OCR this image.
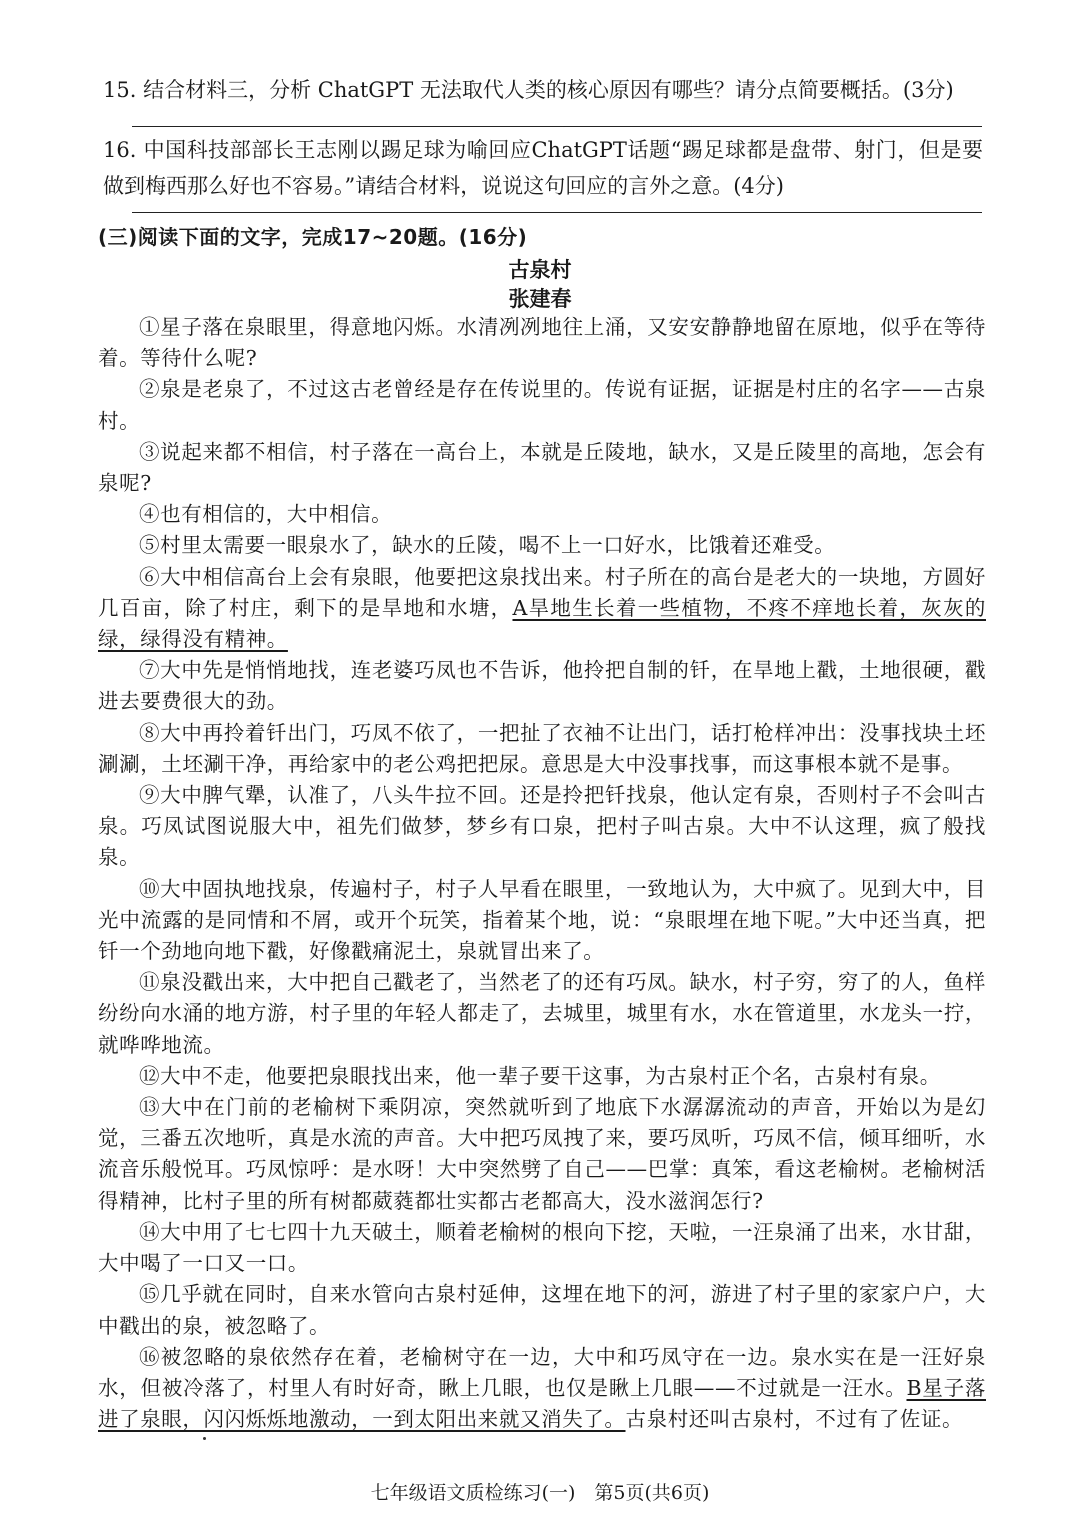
15. 结合材料三，分析 ChatGPT 无法取代人类的核心原因有哪些？请分点简要概括。(3分)
16. 中国科技部部长王志刚以踢足球为喻回应ChatGPT话题“踢足球都是盘带、射门，但是要做到梅西那么好也不容易。”请结合材料，说说这句回应的言外之意。(4分)
(三)阅读下面的文字，完成17~20题。(16分)
古泉村
张建春

①星子落在泉眼里，得意地闪烁。水清冽冽地往上涌，又安安静静地留在原地，似乎在等待着。等待什么呢?

②泉是老泉了，不过这古老曾经是存在传说里的。传说有证据，证据是村庄的名字——古泉村。

③说起来都不相信，村子落在一高台上，本就是丘陵地，缺水，又是丘陵里的高地，怎会有泉呢?

④也有相信的，大中相信。

⑤村里太需要一眼泉水了，缺水的丘陵，喝不上一口好水，比饿着还难受。

⑥大中相信高台上会有泉眼，他要把这泉找出来。村子所在的高台是老大的一块地，方圆好几百亩，除了村庄，剩下的是旱地和水塘，A旱地生长着一些植物，不疼不痒地长着，灰灰的绿，绿得没有精神。

⑦大中先是悄悄地找，连老婆巧凤也不告诉，他拎把自制的钎，在旱地上戳，土地很硬，戳进去要费很大的劲。

⑧大中再拎着钎出门，巧凤不依了，一把扯了衣袖不让出门，话打枪样冲出：没事找块土坯涮涮，土坯涮干净，再给家中的老公鸡把把尿。意思是大中没事找事，而这事根本就不是事。

⑨大中脾气犟，认准了，八头牛拉不回。还是拎把钎找泉，他认定有泉，否则村子不会叫古泉。巧凤试图说服大中，祖先们做梦，梦乡有口泉，把村子叫古泉。大中不认这理，疯了般找泉。

⑩大中固执地找泉，传遍村子，村子人早看在眼里，一致地认为，大中疯了。见到大中，目光中流露的是同情和不屑，或开个玩笑，指着某个地，说：“泉眼埋在地下呢。”大中还当真，把钎一个劲地向地下戳，好像戳痛泥土，泉就冒出来了。

⑪泉没戳出来，大中把自己戳老了，当然老了的还有巧凤。缺水，村子穷，穷了的人，鱼样纷纷向水涌的地方游，村子里的年轻人都走了，去城里，城里有水，水在管道里，水龙头一拧，就哗哗地流。

⑫大中不走，他要把泉眼找出来，他一辈子要干这事，为古泉村正个名，古泉村有泉。

⑬大中在门前的老榆树下乘阴凉，突然就听到了地底下水潺潺流动的声音，开始以为是幻觉，三番五次地听，真是水流的声音。大中把巧凤拽了来，要巧凤听，巧凤不信，倾耳细听，水流音乐般悦耳。巧凤惊呼：是水呀！大中突然劈了自己——巴掌：真笨，看这老榆树。老榆树活得精神，比村子里的所有树都葳蕤都壮实都古老都高大，没水滋润怎行?

⑭大中用了七七四十九天破土，顺着老榆树的根向下挖，天啦，一汪泉涌了出来，水甘甜，大中喝了一口又一口。

⑮几乎就在同时，自来水管向古泉村延伸，这埋在地下的河，游进了村子里的家家户户，大中戳出的泉，被忽略了。

⑯被忽略的泉依然存在着，老榆树守在一边，大中和巧凤守在一边。泉水实在是一汪好泉水，但被冷落了，村里人有时好奇，瞅上几眼，也仅是瞅上几眼——不过就是一汪水。B星子落进了泉眼，闪闪烁烁地激动，一到太阳出来就又消失了。古泉村还叫古泉村，不过有了佐证。

七年级语文质检练习(一)　第5页(共6页)
